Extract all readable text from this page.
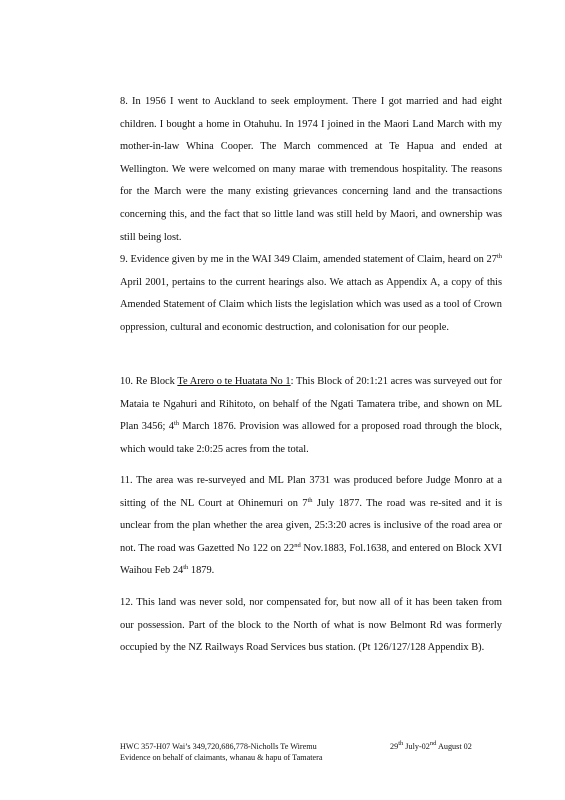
8. In 1956 I went to Auckland to seek employment. There I got married and had eight children. I bought a home in Otahuhu. In 1974 I joined in the Maori Land March with my mother-in-law Whina Cooper. The March commenced at Te Hapua and ended at Wellington. We were welcomed on many marae with tremendous hospitality. The reasons for the March were the many existing grievances concerning land and the transactions concerning this, and the fact that so little land was still held by Maori, and ownership was still being lost.

9. Evidence given by me in the WAI 349 Claim, amended statement of Claim, heard on 27th April 2001, pertains to the current hearings also. We attach as Appendix A, a copy of this Amended Statement of Claim which lists the legislation which was used as a tool of Crown oppression, cultural and economic destruction, and colonisation for our people.

10. Re Block Te Arero o te Huatata No 1: This Block of 20:1:21 acres was surveyed out for Mataia te Ngahuri and Rihitoto, on behalf of the Ngati Tamatera tribe, and shown on ML Plan 3456; 4th March 1876. Provision was allowed for a proposed road through the block, which would take 2:0:25 acres from the total.

11. The area was re-surveyed and ML Plan 3731 was produced before Judge Monro at a sitting of the NL Court at Ohinemuri on 7th July 1877. The road was re-sited and it is unclear from the plan whether the area given, 25:3:20 acres is inclusive of the road area or not. The road was Gazetted No 122 on 22nd Nov.1883, Fol.1638, and entered on Block XVI Waihou Feb 24th 1879.

12. This land was never sold, nor compensated for, but now all of it has been taken from our possession. Part of the block to the North of what is now Belmont Rd was formerly occupied by the NZ Railways Road Services bus station. (Pt 126/127/128 Appendix B).

HWC 357-H07 Wai’s 349,720,686,778-Nicholls Te Wiremu	29th July-02nd August 02
Evidence on behalf of claimants, whanau & hapu of Tamatera
